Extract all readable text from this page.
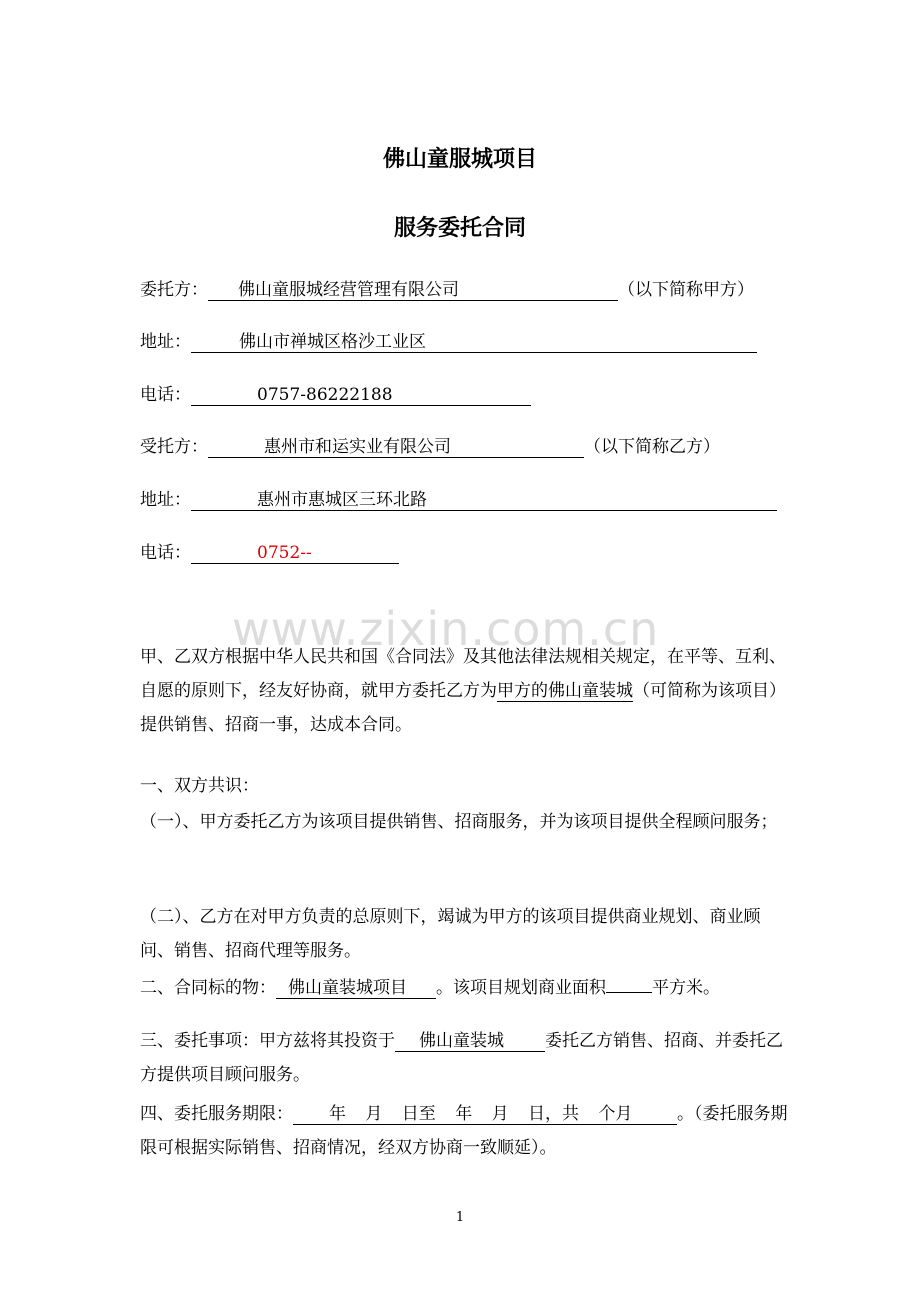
佛山童服城项目
服务委托合同
委托方： 佛山童服城经营管理有限公司	（以下简称甲方）
地址：	佛山市禅城区格沙工业区
电话：	0757-86222188
受托方：	惠州市和运实业有限公司	（以下简称乙方）
地址：	惠州市惠城区三环北路
电话：	0752--
www.zixin.com.cn

甲、乙双方根据中华人民共和国《合同法》及其他法律法规相关规定，在平等、互利、自愿的原则下，经友好协商，就甲方委托乙方为甲方的佛山童装城（可简称为该项目）提供销售、招商一事，达成本合同。

一、双方共识：

（一）、甲方委托乙方为该项目提供销售、招商服务，并为该项目提供全程顾问服务；

（二）、乙方在对甲方负责的总原则下，竭诚为甲方的该项目提供商业规划、商业顾问、销售、招商代理等服务。

二、合同标的物： 佛山童装城项目 。该项目规划商业面积	平方米。

三、委托事项：甲方兹将其投资于 佛山童装城 委托乙方销售、招商、并委托乙方提供项目顾问服务。

四、委托服务期限： 年 月 日至 年 月 日，共 个月	。（委托服务期限可根据实际销售、招商情况，经双方协商一致顺延）。

1
